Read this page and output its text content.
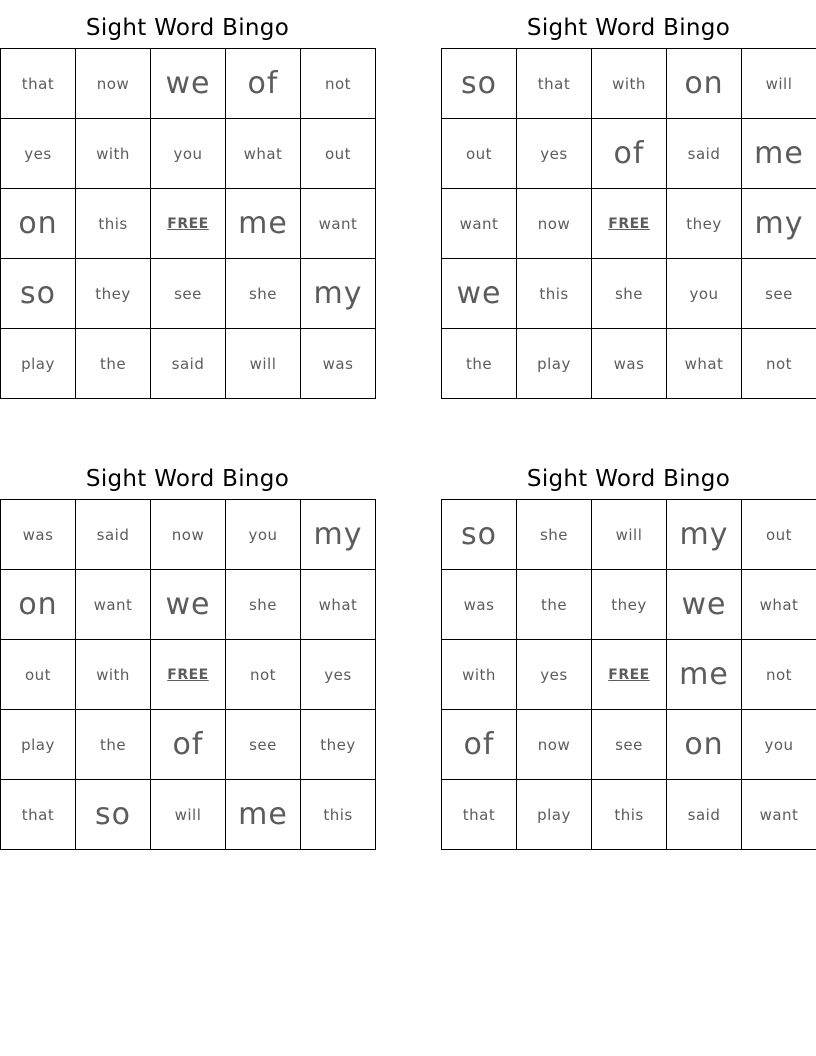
Sight Word Bingo
that	now	we	of	not
yes	with	you	what	out
on	this	FREE	me	want
so	they	see	she	my
play	the	said	will	was
Sight Word Bingo
so	that	with	on	will
out	yes	of	said	me
want	now	FREE	they	my
we	this	she	you	see
the	play	was	what	not
Sight Word Bingo
was	said	now	you	my
on	want	we	she	what
out	with	FREE	not	yes
play	the	of	see	they
that	so	will	me	this
Sight Word Bingo
so	she	will	my	out
was	the	they	we	what
with	yes	FREE	me	not
of	now	see	on	you
that	play	this	said	want
